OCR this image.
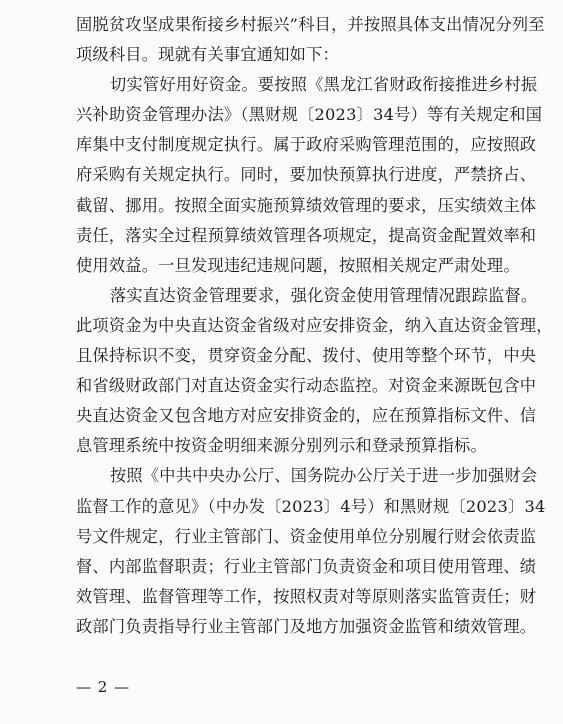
固脱贫攻坚成果衔接乡村振兴”科目，并按照具体支出情况分列至
项级科目。现就有关事宜通知如下：
切实管好用好资金。要按照《黑龙江省财政衔接推进乡村振
兴补助资金管理办法》（黑财规〔2023〕34号）等有关规定和国
库集中支付制度规定执行。属于政府采购管理范围的，应按照政
府采购有关规定执行。同时，要加快预算执行进度，严禁挤占、
截留、挪用。按照全面实施预算绩效管理的要求，压实绩效主体
责任，落实全过程预算绩效管理各项规定，提高资金配置效率和
使用效益。一旦发现违纪违规问题，按照相关规定严肃处理。
落实直达资金管理要求，强化资金使用管理情况跟踪监督。
此项资金为中央直达资金省级对应安排资金，纳入直达资金管理，
且保持标识不变，贯穿资金分配、拨付、使用等整个环节，中央
和省级财政部门对直达资金实行动态监控。对资金来源既包含中
央直达资金又包含地方对应安排资金的，应在预算指标文件、信
息管理系统中按资金明细来源分别列示和登录预算指标。
按照《中共中央办公厅、国务院办公厅关于进一步加强财会
监督工作的意见》（中办发〔2023〕4号）和黑财规〔2023〕34
号文件规定，行业主管部门、资金使用单位分别履行财会依责监
督、内部监督职责；行业主管部门负责资金和项目使用管理、绩
效管理、监督管理等工作，按照权责对等原则落实监管责任；财
政部门负责指导行业主管部门及地方加强资金监管和绩效管理。
— 2 —
